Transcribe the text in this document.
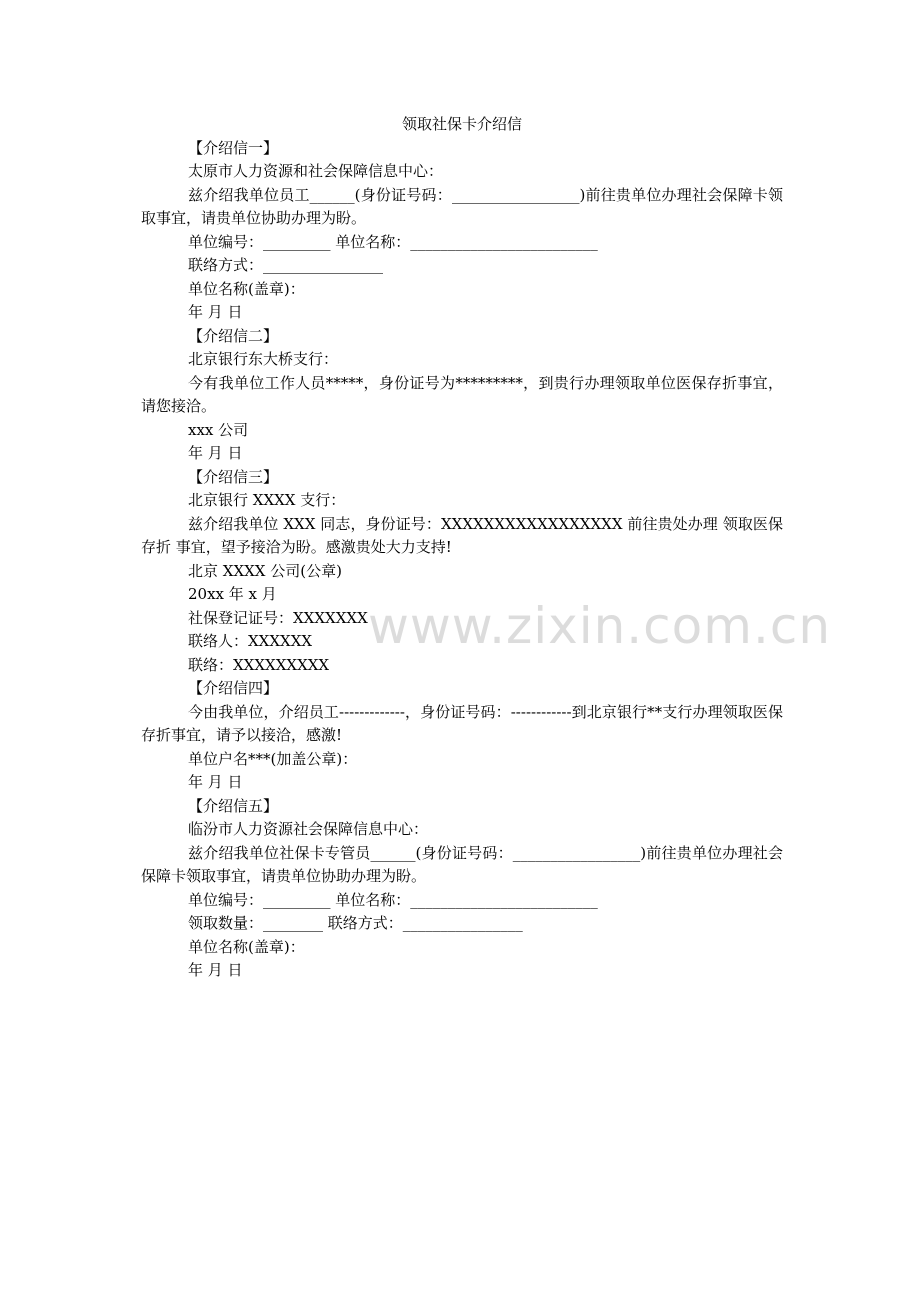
领取社保卡介绍信

【介绍信一】

太原市人力资源和社会保障信息中心：

兹介绍我单位员工______(身份证号码：_________________)前往贵单位办理社会保障卡领取事宜，请贵单位协助办理为盼。

单位编号：_________ 单位名称：_________________________

联络方式：________________

单位名称(盖章)：

年 月 日

【介绍信二】

北京银行东大桥支行：

今有我单位工作人员*****，身份证号为*********，到贵行办理领取单位医保存折事宜，请您接洽。

xxx 公司

年 月 日

【介绍信三】

北京银行 XXXX 支行：

兹介绍我单位 XXX 同志，身份证号：XXXXXXXXXXXXXXXXX 前往贵处办理 领取医保存折 事宜，望予接洽为盼。感激贵处大力支持!

北京 XXXX 公司(公章)

20xx 年 x 月

社保登记证号：XXXXXXX

联络人：XXXXXX

联络：XXXXXXXXX

【介绍信四】

今由我单位，介绍员工-------------，身份证号码：------------到北京银行**支行办理领取医保存折事宜，请予以接洽，感激!

单位户名***(加盖公章)：

年 月 日

【介绍信五】

临汾市人力资源社会保障信息中心：

兹介绍我单位社保卡专管员______(身份证号码：_________________)前往贵单位办理社会保障卡领取事宜，请贵单位协助办理为盼。

单位编号：_________ 单位名称：_________________________

领取数量：________ 联络方式：________________

单位名称(盖章)：

年 月 日

www.zixin.com.cn
